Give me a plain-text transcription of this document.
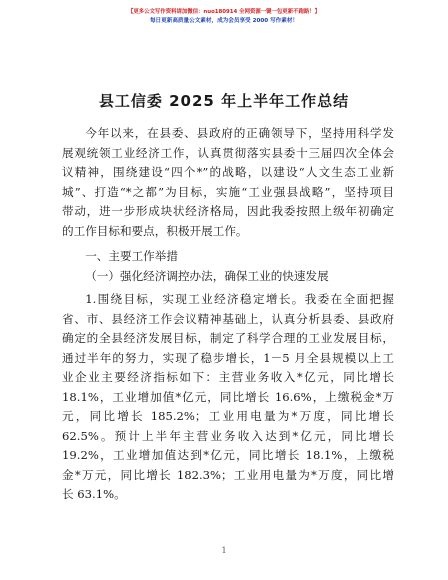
【更多公文写作资料请加微信：nuo180914 全网资源一键一包更新不跑路！】
每日更新高质量公文素材，成为会员享受 2000 写作素材！
县工信委 2025 年上半年工作总结

今年以来，在县委、县政府的正确领导下，坚持用科学发

展观统领工业经济工作，认真贯彻落实县委十三届四次全体会

议精神，围绕建设“四个*”的战略，以建设“人文生态工业新

城”、打造“*之都”为目标，实施“工业强县战略”，坚持项目

带动，进一步形成块状经济格局，因此我委按照上级年初确定

的工作目标和要点，积极开展工作。

一、主要工作举措

（一）强化经济调控办法，确保工业的快速发展

1.围绕目标，实现工业经济稳定增长。我委在全面把握

省、市、县经济工作会议精神基础上，认真分析县委、县政府

确定的全县经济发展目标，制定了科学合理的工业发展目标，

通过半年的努力，实现了稳步增长，1－5 月全县规模以上工

业企业主要经济指标如下：主营业务收入*亿元，同比增长

18.1%，工业增加值*亿元，同比增长 16.6%，上缴税金*万

元，同比增长 185.2%；工业用电量为*万度，同比增长

62.5%。预计上半年主营业务收入达到*亿元，同比增长

19.2%，工业增加值达到*亿元，同比增长 18.1%，上缴税

金*万元，同比增长 182.3%；工业用电量为*万度，同比增

长 63.1%。

1
